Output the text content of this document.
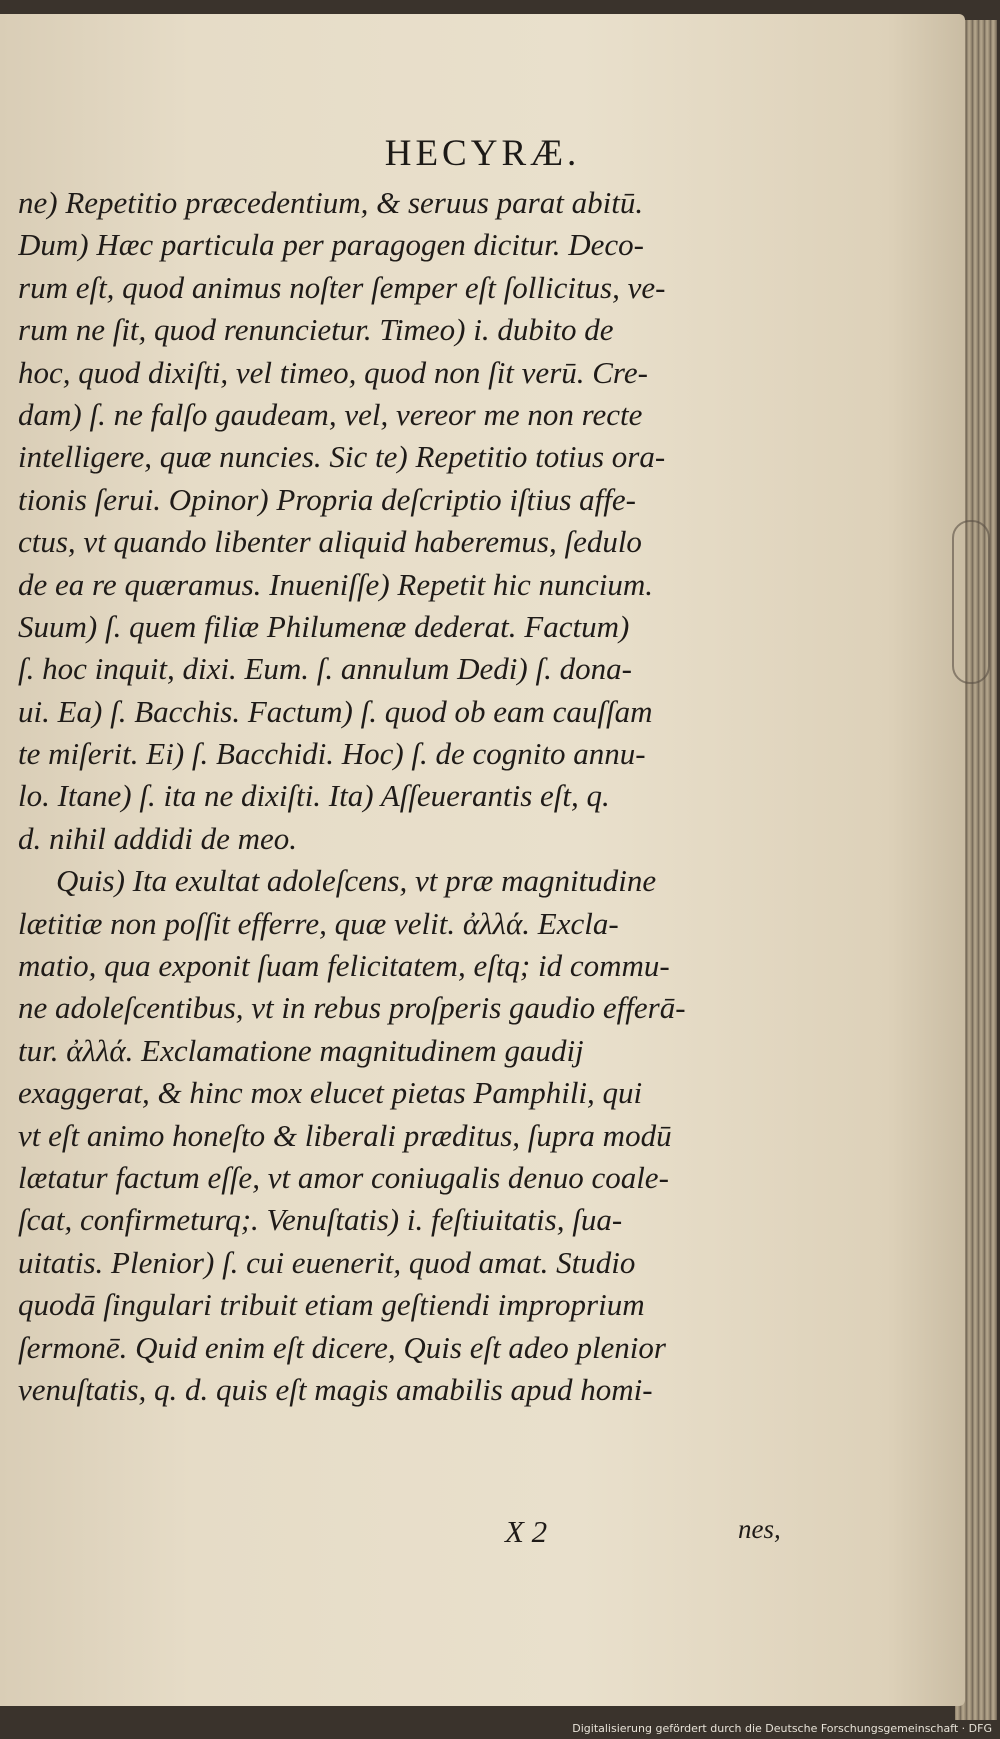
HECYRÆ.
ne) Repetitio præcedentium, & seruus parat abitū.
Dum) Hæc particula per paragogen dicitur. Deco-
rum eſt, quod animus noſter ſemper eſt ſollicitus, ve-
rum ne ſit, quod renuncietur. Timeo) i. dubito de
hoc, quod dixiſti, vel timeo, quod non ſit verū. Cre-
dam) ſ. ne falſo gaudeam, vel, vereor me non recte
intelligere, quæ nuncies. Sic te) Repetitio totius ora-
tionis ſerui. Opinor) Propria deſcriptio iſtius affe-
ctus, vt quando libenter aliquid haberemus, ſedulo
de ea re quæramus. Inueniſſe) Repetit hic nuncium.
Suum) ſ. quem filiæ Philumenæ dederat. Factum)
ſ. hoc inquit, dixi. Eum. ſ. annulum Dedi) ſ. dona-
ui. Ea) ſ. Bacchis. Factum) ſ. quod ob eam cauſſam
te miſerit. Ei) ſ. Bacchidi. Hoc) ſ. de cognito annu-
lo. Itane) ſ. ita ne dixiſti. Ita) Aſſeuerantis eſt, q.
d. nihil addidi de meo.
Quis) Ita exultat adoleſcens, vt præ magnitudine
lætitiæ non poſſit efferre, quæ velit. ἀλλά. Excla-
matio, qua exponit ſuam felicitatem, eſtq; id commu-
ne adoleſcentibus, vt in rebus proſperis gaudio efferā-
tur. ἀλλά. Exclamatione magnitudinem gaudij
exaggerat, & hinc mox elucet pietas Pamphili, qui
vt eſt animo honeſto & liberali præditus, ſupra modū
lætatur factum eſſe, vt amor coniugalis denuo coale-
ſcat, confirmeturq;. Venuſtatis) i. feſtiuitatis, ſua-
uitatis. Plenior) ſ. cui euenerit, quod amat. Studio
quodā ſingulari tribuit etiam geſtiendi improprium
ſermonē. Quid enim eſt dicere, Quis eſt adeo plenior
venuſtatis, q. d. quis eſt magis amabilis apud homi-
X 2	nes,
Digitalisierung gefördert durch die Deutsche Forschungsgemeinschaft · DFG
